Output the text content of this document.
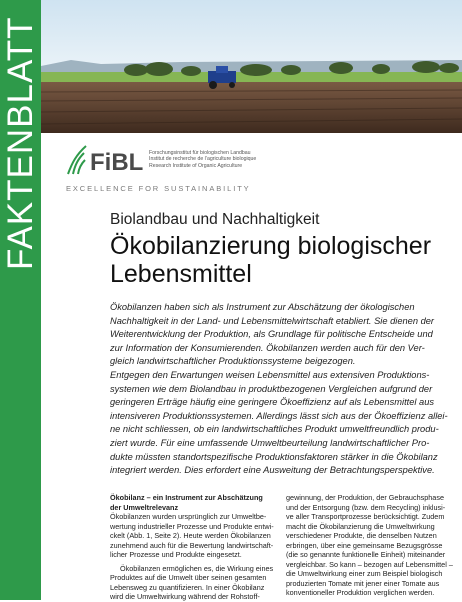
FAKTENBLATT FiBL Forschungsinstitut für biologischen Landbau
Institut de recherche de l’agriculture biologique
Research Institute of Organic Agriculture
EXCELLENCE FOR SUSTAINABILITY
Biolandbau und Nachhaltigkeit
Ökobilanzierung biologischer
Lebensmittel
Ökobilanzen haben sich als Instrument zur Abschätzung der ökologischen
Nachhaltigkeit in der Land- und Lebensmittelwirtschaft etabliert. Sie dienen der
Weiterentwicklung der Produktion, als Grundlage für politische Entscheide und
zur Information der Konsumierenden. Ökobilanzen werden auch für den Ver-
gleich landwirtschaftlicher Produktionssysteme beigezogen.
Entgegen den Erwartungen weisen Lebensmittel aus extensiven Produktions-
systemen wie dem Biolandbau in produktbezogenen Vergleichen aufgrund der
geringeren Erträge häufig eine geringere Ökoeffizienz auf als Lebensmittel aus
intensiveren Produktionssystemen. Allerdings lässt sich aus der Ökoeffizienz allei-
ne nicht schliessen, ob ein landwirtschaftliches Produkt umweltfreundlich produ-
ziert wurde. Für eine umfassende Umweltbeurteilung landwirtschaftlicher Pro-
dukte müssten standortspezifische Produktionsfaktoren stärker in die Ökobilanz
integriert werden. Dies erfordert eine Ausweitung der Betrachtungsperspektive.
Ökobilanz – ein Instrument zur Abschätzung
der Umweltrelevanz
Ökobilanzen wurden ursprünglich zur Umweltbe-
wertung industrieller Prozesse und Produkte entwi-
ckelt (Abb. 1, Seite 2). Heute werden Ökobilanzen
zunehmend auch für die Bewertung landwirtschaft-
licher Prozesse und Produkte eingesetzt.
Ökobilanzen ermöglichen es, die Wirkung eines
Produktes auf die Umwelt über seinen gesamten
Lebensweg zu quantifizieren. In einer Ökobilanz
wird die Umweltwirkung während der Rohstoff-
gewinnung, der Produktion, der Gebrauchsphase
und der Entsorgung (bzw. dem Recycling) inklusi-
ve aller Transportprozesse berücksichtigt. Zudem
macht die Ökobilanzierung die Umweltwirkung
verschiedener Produkte, die denselben Nutzen
erbringen, über eine gemeinsame Bezugsgrösse
(die so genannte funktionelle Einheit) miteinander
vergleichbar. So kann – bezogen auf Lebensmittel –
die Umweltwirkung einer zum Beispiel biologisch
produzierten Tomate mit jener einer Tomate aus
konventioneller Produktion verglichen werden.
